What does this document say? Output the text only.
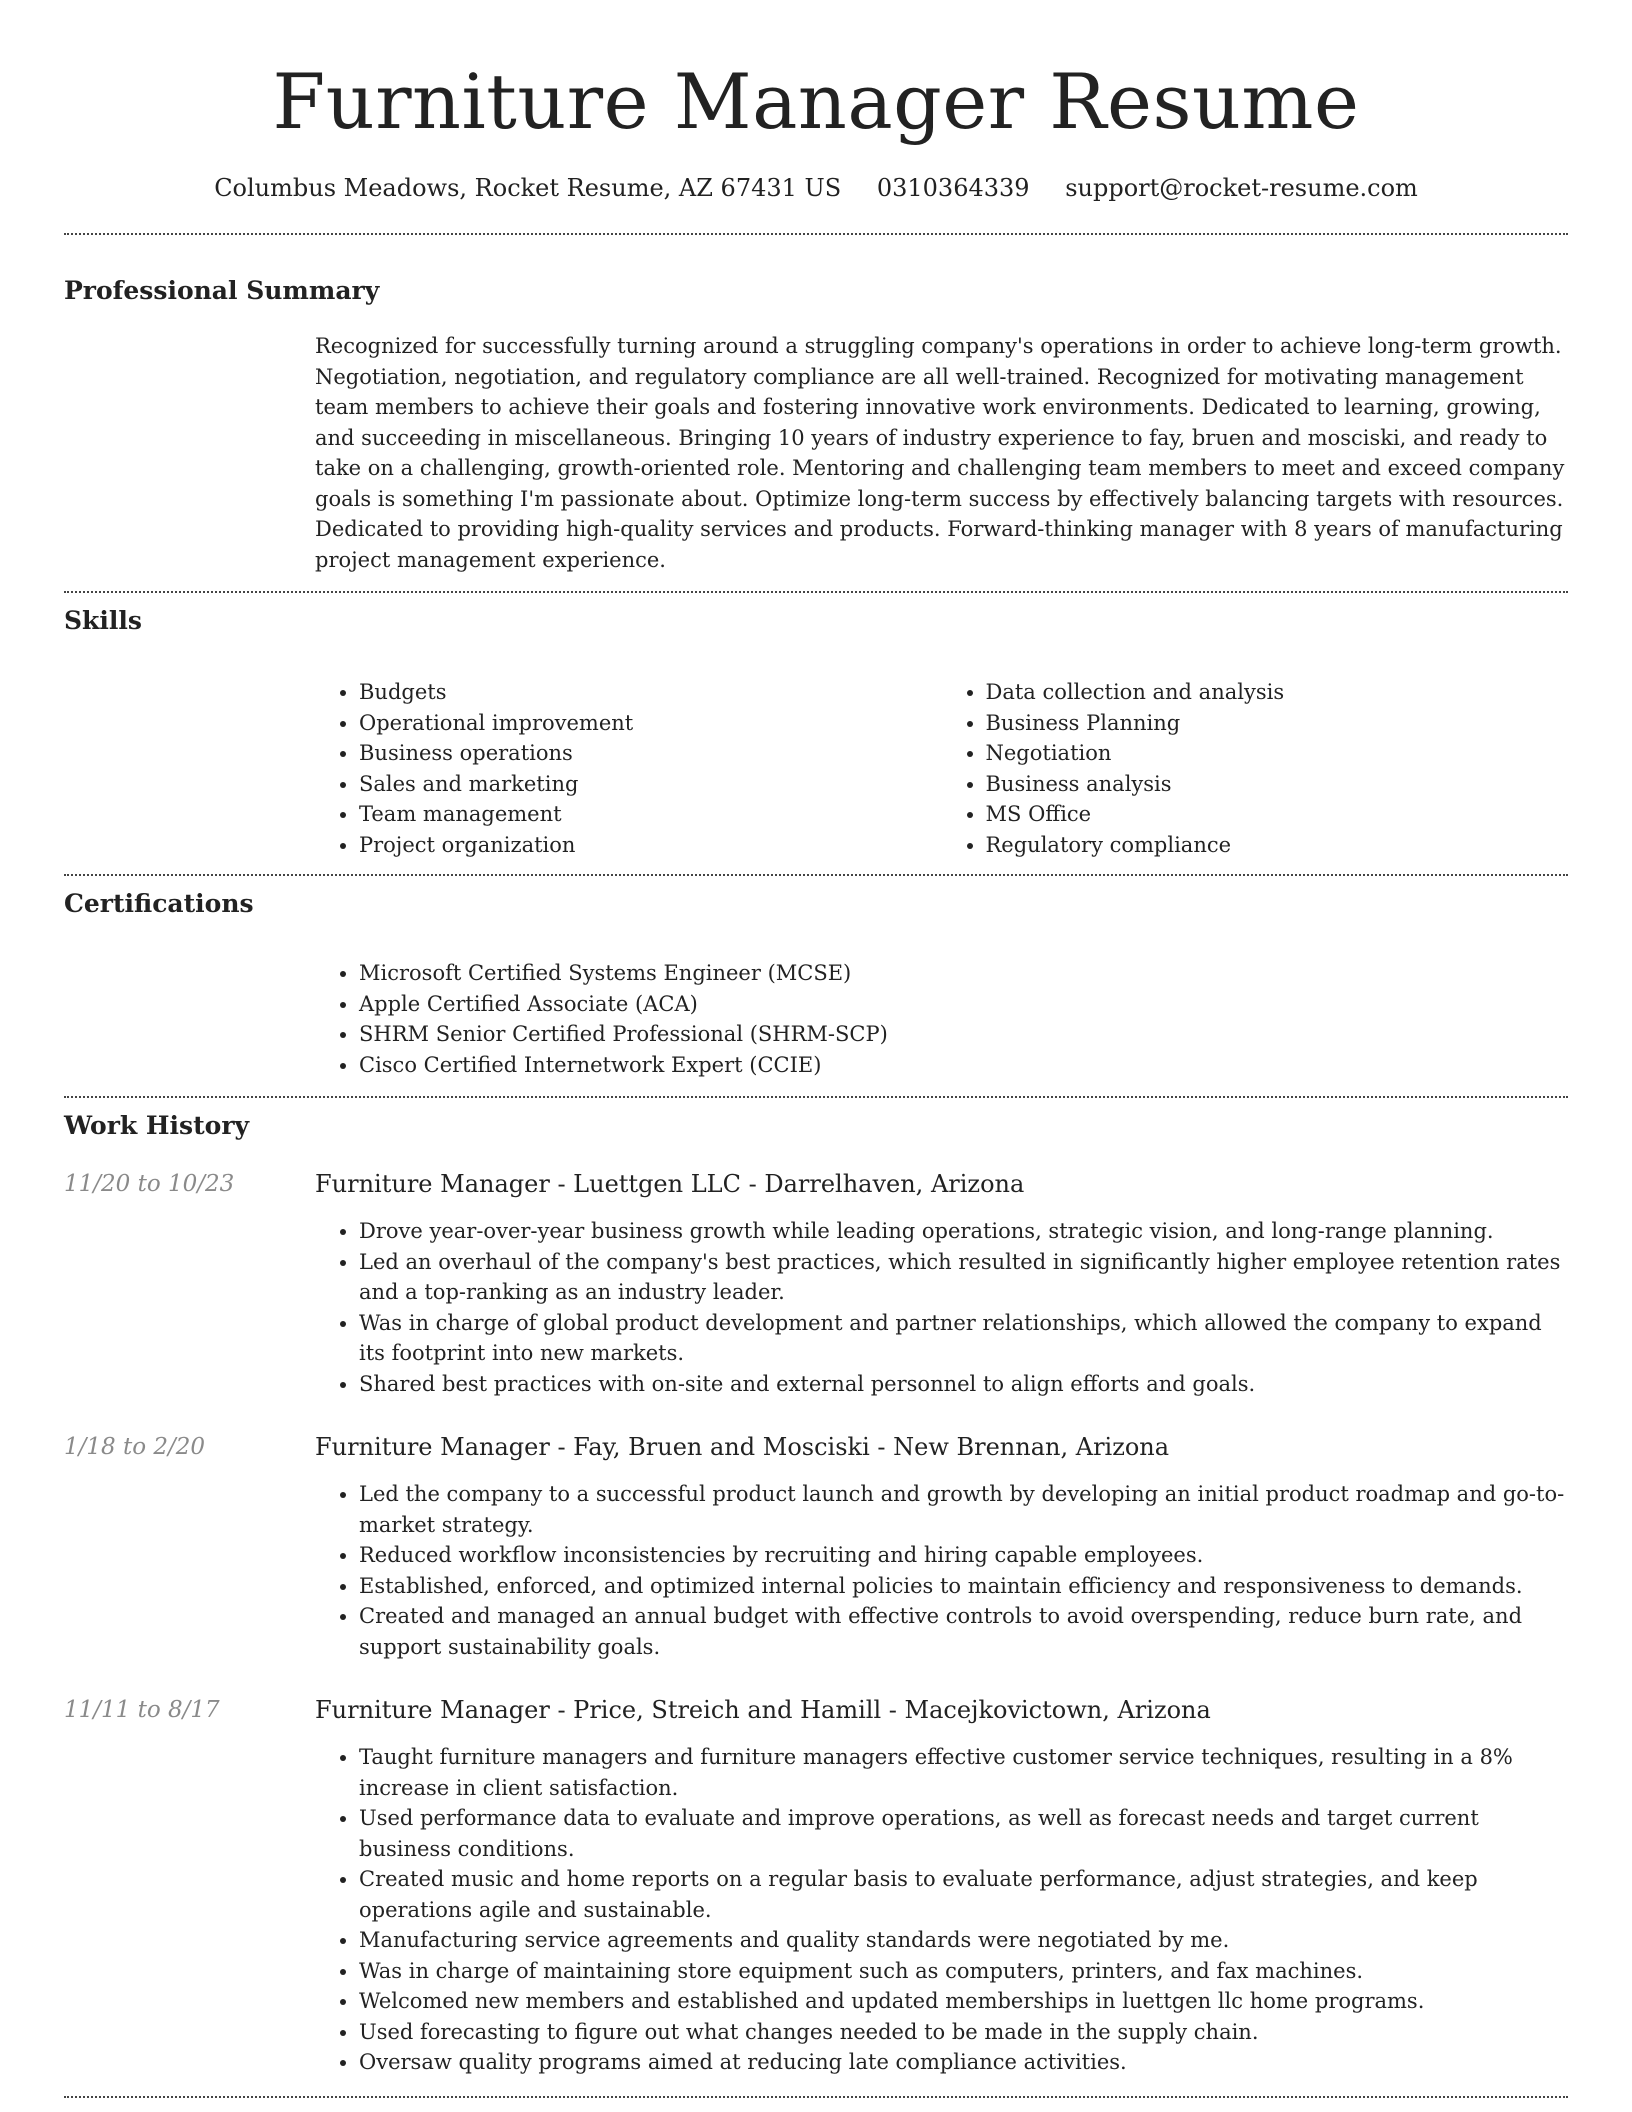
Furniture Manager Resume
Columbus Meadows, Rocket Resume, AZ 67431 US 0310364339 support@rocket-resume.com
Professional Summary

Recognized for successfully turning around a struggling company's operations in order to achieve long-term growth. Negotiation, negotiation, and regulatory compliance are all well-trained. Recognized for motivating management team members to achieve their goals and fostering innovative work environments. Dedicated to learning, growing, and succeeding in miscellaneous. Bringing 10 years of industry experience to fay, bruen and mosciski, and ready to take on a challenging, growth-oriented role. Mentoring and challenging team members to meet and exceed company goals is something I'm passionate about. Optimize long-term success by effectively balancing targets with resources. Dedicated to providing high-quality services and products. Forward-thinking manager with 8 years of manufacturing project management experience.

Skills
• Budgets
• Operational improvement
• Business operations
• Sales and marketing
• Team management
• Project organization
• Data collection and analysis
• Business Planning
• Negotiation
• Business analysis
• MS Office
• Regulatory compliance
Certifications
• Microsoft Certified Systems Engineer (MCSE)
• Apple Certified Associate (ACA)
• SHRM Senior Certified Professional (SHRM-SCP)
• Cisco Certified Internetwork Expert (CCIE)
Work History
11/20 to 10/23	Furniture Manager - Luettgen LLC - Darrelhaven, Arizona
• Drove year-over-year business growth while leading operations, strategic vision, and long-range planning.
• Led an overhaul of the company's best practices, which resulted in significantly higher employee retention rates and a top-ranking as an industry leader.
• Was in charge of global product development and partner relationships, which allowed the company to expand its footprint into new markets.
• Shared best practices with on-site and external personnel to align efforts and goals.
1/18 to 2/20	Furniture Manager - Fay, Bruen and Mosciski - New Brennan, Arizona
• Led the company to a successful product launch and growth by developing an initial product roadmap and go-to-market strategy.
• Reduced workflow inconsistencies by recruiting and hiring capable employees.
• Established, enforced, and optimized internal policies to maintain efficiency and responsiveness to demands.
• Created and managed an annual budget with effective controls to avoid overspending, reduce burn rate, and support sustainability goals.
11/11 to 8/17	Furniture Manager - Price, Streich and Hamill - Macejkovictown, Arizona
• Taught furniture managers and furniture managers effective customer service techniques, resulting in a 8% increase in client satisfaction.
• Used performance data to evaluate and improve operations, as well as forecast needs and target current business conditions.
• Created music and home reports on a regular basis to evaluate performance, adjust strategies, and keep operations agile and sustainable.
• Manufacturing service agreements and quality standards were negotiated by me.
• Was in charge of maintaining store equipment such as computers, printers, and fax machines.
• Welcomed new members and established and updated memberships in luettgen llc home programs.
• Used forecasting to figure out what changes needed to be made in the supply chain.
• Oversaw quality programs aimed at reducing late compliance activities.
